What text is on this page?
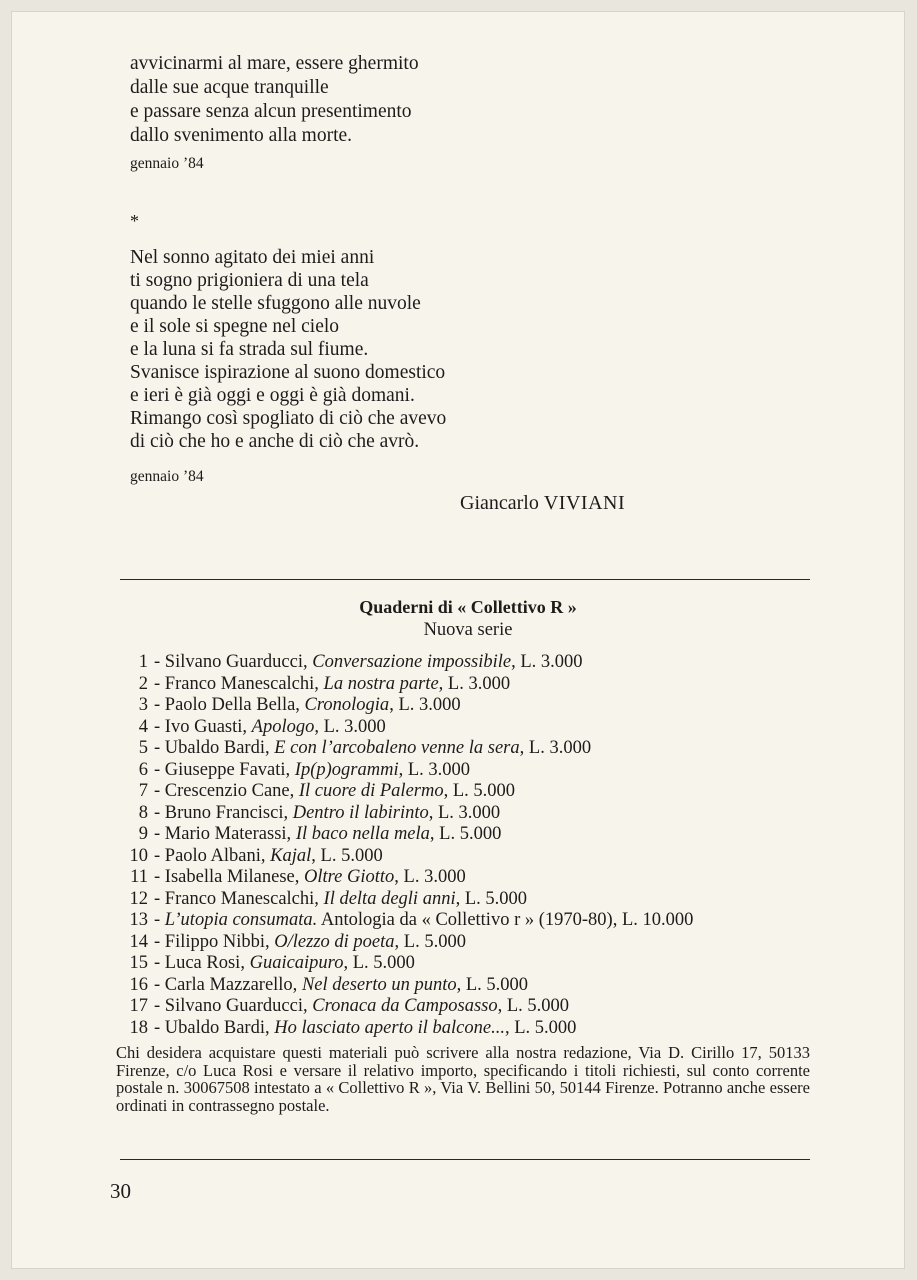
avvicinarmi al mare, essere ghermito
dalle sue acque tranquille
e passare senza alcun presentimento
dallo svenimento alla morte.
gennaio ’84
*
Nel sonno agitato dei miei anni
ti sogno prigioniera di una tela
quando le stelle sfuggono alle nuvole
e il sole si spegne nel cielo
e la luna si fa strada sul fiume.
Svanisce ispirazione al suono domestico
e ieri è già oggi e oggi è già domani.
Rimango così spogliato di ciò che avevo
di ciò che ho e anche di ciò che avrò.
gennaio ’84
Giancarlo VIVIANI
Quaderni di « Collettivo R »
Nuova serie
1 - Silvano Guarducci, Conversazione impossibile, L. 3.000
2 - Franco Manescalchi, La nostra parte, L. 3.000
3 - Paolo Della Bella, Cronologia, L. 3.000
4 - Ivo Guasti, Apologo, L. 3.000
5 - Ubaldo Bardi, E con l’arcobaleno venne la sera, L. 3.000
6 - Giuseppe Favati, Ip(p)ogrammi, L. 3.000
7 - Crescenzio Cane, Il cuore di Palermo, L. 5.000
8 - Bruno Francisci, Dentro il labirinto, L. 3.000
9 - Mario Materassi, Il baco nella mela, L. 5.000
10 - Paolo Albani, Kajal, L. 5.000
11 - Isabella Milanese, Oltre Giotto, L. 3.000
12 - Franco Manescalchi, Il delta degli anni, L. 5.000
13 - L’utopia consumata. Antologia da « Collettivo r » (1970-80), L. 10.000
14 - Filippo Nibbi, O/lezzo di poeta, L. 5.000
15 - Luca Rosi, Guaicaipuro, L. 5.000
16 - Carla Mazzarello, Nel deserto un punto, L. 5.000
17 - Silvano Guarducci, Cronaca da Camposasso, L. 5.000
18 - Ubaldo Bardi, Ho lasciato aperto il balcone..., L. 5.000
Chi desidera acquistare questi materiali può scrivere alla nostra redazione, Via D. Cirillo 17, 50133 Firenze, c/o Luca Rosi e versare il relativo importo, specificando i titoli richiesti, sul conto corrente postale n. 30067508 intestato a « Collettivo R », Via V. Bellini 50, 50144 Firenze. Potranno anche essere ordinati in contrassegno postale.
30
